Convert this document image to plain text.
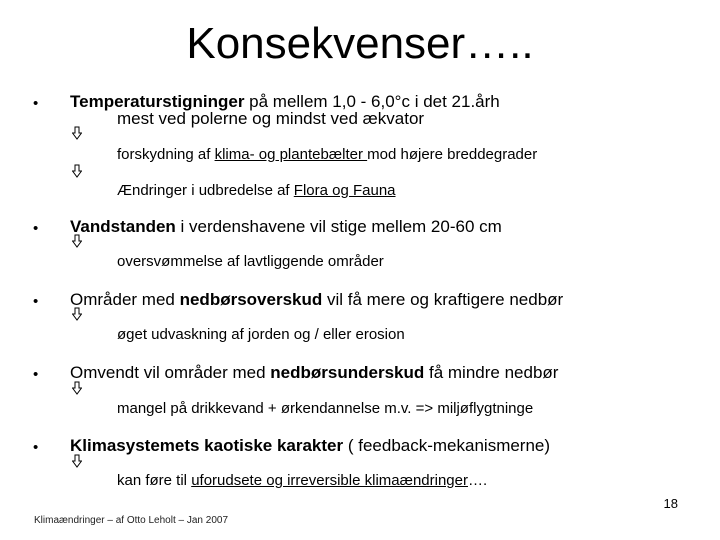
Konsekvenser…..
• Temperaturstigninger på mellem 1,0 - 6,0°c i det 21.årh
mest ved polerne og mindst ved ækvator
forskydning af klima- og plantebælter mod højere breddegrader
Ændringer i udbredelse af Flora og Fauna
• Vandstanden i verdenshavene vil stige mellem 20-60 cm
oversvømmelse af lavtliggende områder
• Områder med nedbørsoverskud vil få mere og kraftigere nedbør
øget udvaskning af jorden og / eller erosion
• Omvendt vil områder med nedbørsunderskud få mindre nedbør
mangel på drikkevand + ørkendannelse m.v. => miljøflygtninge
• Klimasystemets kaotiske karakter ( feedback-mekanismerne)
kan føre til uforudsete og irreversible klimaændringer….
18
Klimaændringer – af Otto Leholt – Jan 2007
